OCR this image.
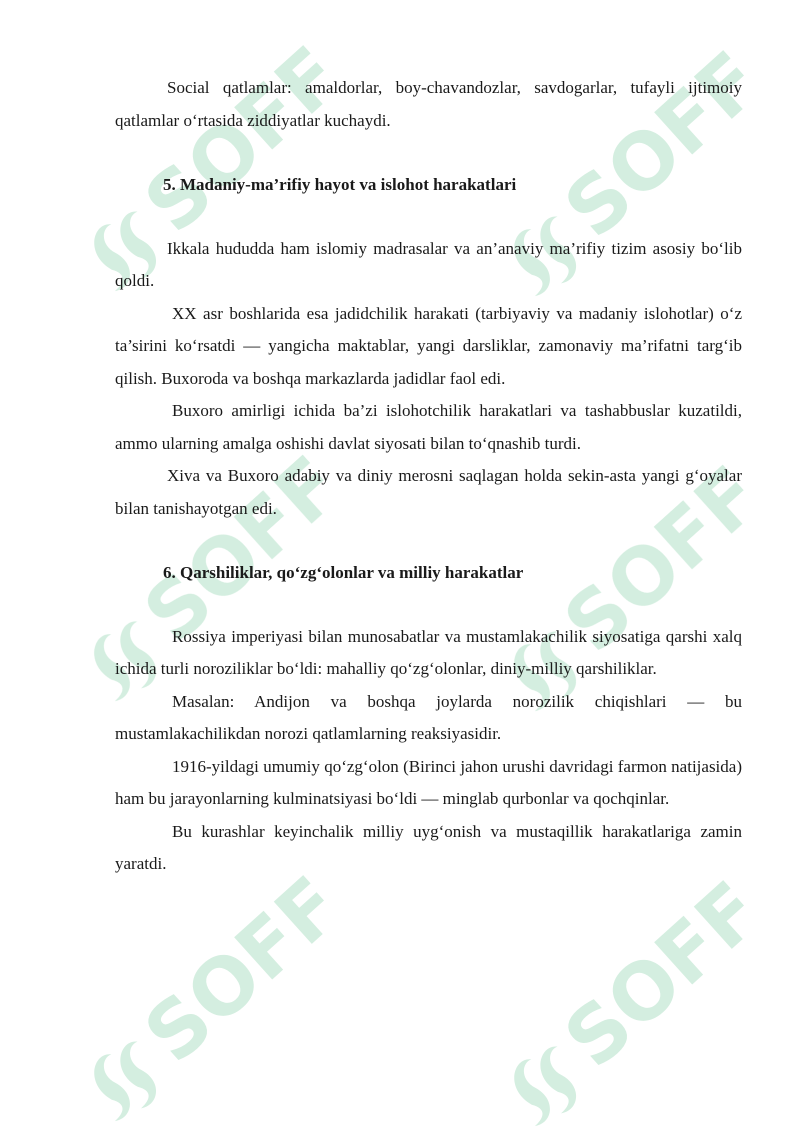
SOFF

Social qatlamlar: amaldorlar, boy-chavandozlar, savdogarlar, tufayli ijtimoiy qatlamlar o‘rtasida ziddiyatlar kuchaydi.

5. Madaniy-ma’rifiy hayot va islohot harakatlari

Ikkala hududda ham islomiy madrasalar va an’anaviy ma’rifiy tizim asosiy bo‘lib qoldi.

XX asr boshlarida esa jadidchilik harakati (tarbiyaviy va madaniy islohotlar) o‘z ta’sirini ko‘rsatdi — yangicha maktablar, yangi darsliklar, zamonaviy ma’rifatni targ‘ib qilish. Buxoroda va boshqa markazlarda jadidlar faol edi.

Buxoro amirligi ichida ba’zi islohotchilik harakatlari va tashabbuslar kuzatildi, ammo ularning amalga oshishi davlat siyosati bilan to‘qnashib turdi.

Xiva va Buxoro adabiy va diniy merosni saqlagan holda sekin-asta yangi g‘oyalar bilan tanishayotgan edi.

6. Qarshiliklar, qo‘zg‘olonlar va milliy harakatlar

Rossiya imperiyasi bilan munosabatlar va mustamlakachilik siyosatiga qarshi xalq ichida turli noroziliklar bo‘ldi: mahalliy qo‘zg‘olonlar, diniy-milliy qarshiliklar.

Masalan: Andijon va boshqa joylarda norozilik chiqishlari — bu mustamlakachilikdan norozi qatlamlarning reaksiyasidir.

1916-yildagi umumiy qo‘zg‘olon (Birinci jahon urushi davridagi farmon natijasida) ham bu jarayonlarning kulminatsiyasi bo‘ldi — minglab qurbonlar va qochqinlar.

Bu kurashlar keyinchalik milliy uyg‘onish va mustaqillik harakatlariga zamin yaratdi.
